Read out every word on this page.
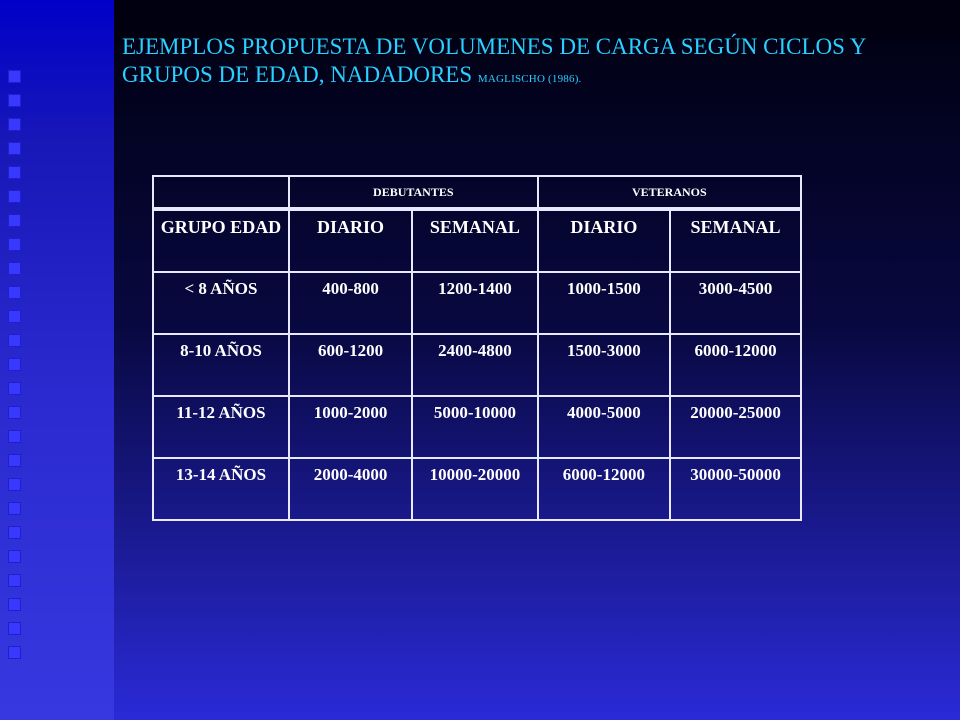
EJEMPLOS PROPUESTA DE VOLUMENES DE CARGA SEGÚN CICLOS Y GRUPOS DE EDAD, NADADORES MAGLISCHO (1986).
	DEBUTANTES		VETERANOS	
GRUPO EDAD	DIARIO	SEMANAL	DIARIO	SEMANAL
< 8 AÑOS	400-800	1200-1400	1000-1500	3000-4500
8-10 AÑOS	600-1200	2400-4800	1500-3000	6000-12000
11-12 AÑOS	1000-2000	5000-10000	4000-5000	20000-25000
13-14 AÑOS	2000-4000	10000-20000	6000-12000	30000-50000
